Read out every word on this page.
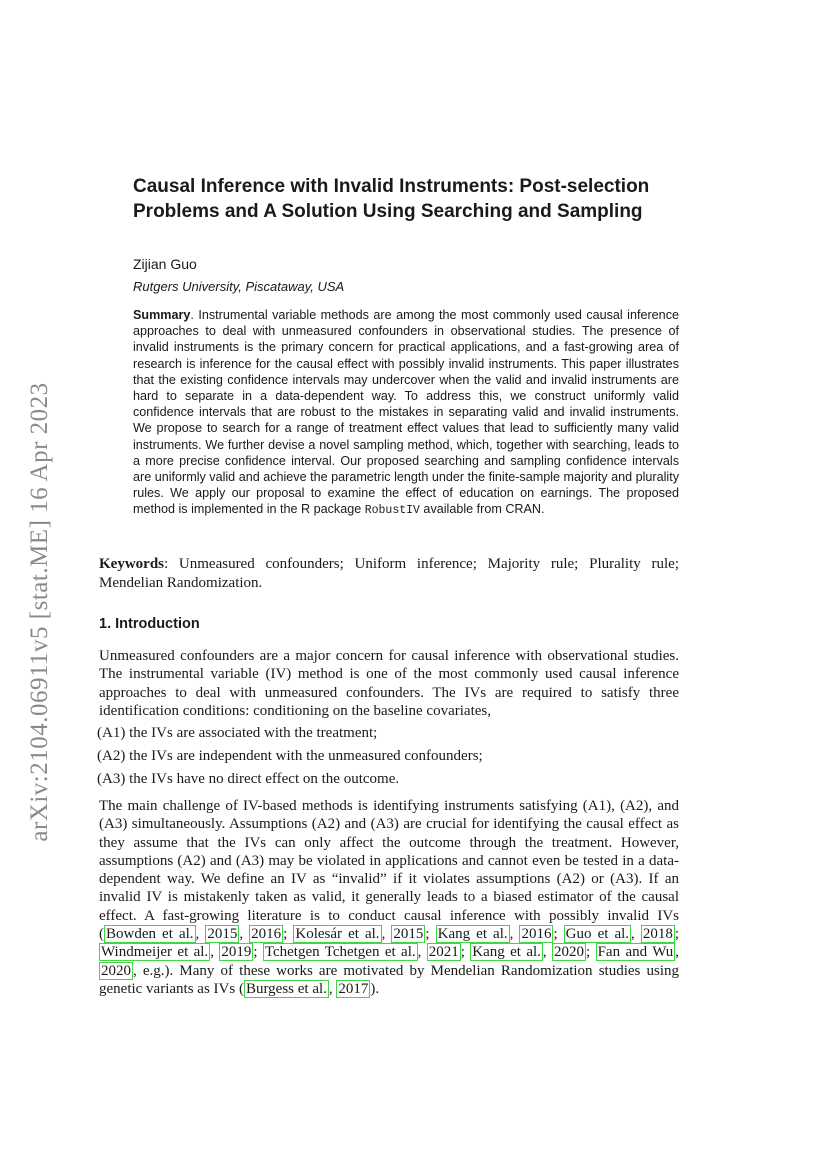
arXiv:2104.06911v5 [stat.ME] 16 Apr 2023
Causal Inference with Invalid Instruments: Post-selection Problems and A Solution Using Searching and Sampling
Zijian Guo
Rutgers University, Piscataway, USA

Summary. Instrumental variable methods are among the most commonly used causal inference approaches to deal with unmeasured confounders in observational studies. The presence of invalid instruments is the primary concern for practical applications, and a fast-growing area of research is inference for the causal effect with possibly invalid instruments. This paper illustrates that the existing confidence intervals may undercover when the valid and invalid instruments are hard to separate in a data-dependent way. To address this, we construct uniformly valid confidence intervals that are robust to the mistakes in separating valid and invalid instruments. We propose to search for a range of treatment effect values that lead to sufficiently many valid instruments. We further devise a novel sampling method, which, together with searching, leads to a more precise confidence interval. Our proposed searching and sampling confidence intervals are uniformly valid and achieve the parametric length under the finite-sample majority and plurality rules. We apply our proposal to examine the effect of education on earnings. The proposed method is implemented in the R package RobustIV available from CRAN.

Keywords: Unmeasured confounders; Uniform inference; Majority rule; Plurality rule; Mendelian Randomization.

1. Introduction

Unmeasured confounders are a major concern for causal inference with observational studies. The instrumental variable (IV) method is one of the most commonly used causal inference approaches to deal with unmeasured confounders. The IVs are required to satisfy three identification conditions: conditioning on the baseline covariates,

(A1) the IVs are associated with the treatment;
(A2) the IVs are independent with the unmeasured confounders;
(A3) the IVs have no direct effect on the outcome.

The main challenge of IV-based methods is identifying instruments satisfying (A1), (A2), and (A3) simultaneously. Assumptions (A2) and (A3) are crucial for identifying the causal effect as they assume that the IVs can only affect the outcome through the treatment. However, assumptions (A2) and (A3) may be violated in applications and cannot even be tested in a data-dependent way. We define an IV as “invalid” if it violates assumptions (A2) or (A3). If an invalid IV is mistakenly taken as valid, it generally leads to a biased estimator of the causal effect. A fast-growing literature is to conduct causal inference with possibly invalid IVs ( Bowden et al. , 2015 , 2016 ; Kolesár et al. , 2015 ; Kang et al. , 2016 ; Guo et al. , 2018 ; Windmeijer et al. , 2019 ; Tchetgen Tchetgen et al. , 2021 ; Kang et al. , 2020 ; Fan and Wu , 2020 , e.g.). Many of these works are motivated by Mendelian Randomization studies using genetic variants as IVs ( Burgess et al. , 2017 ).
